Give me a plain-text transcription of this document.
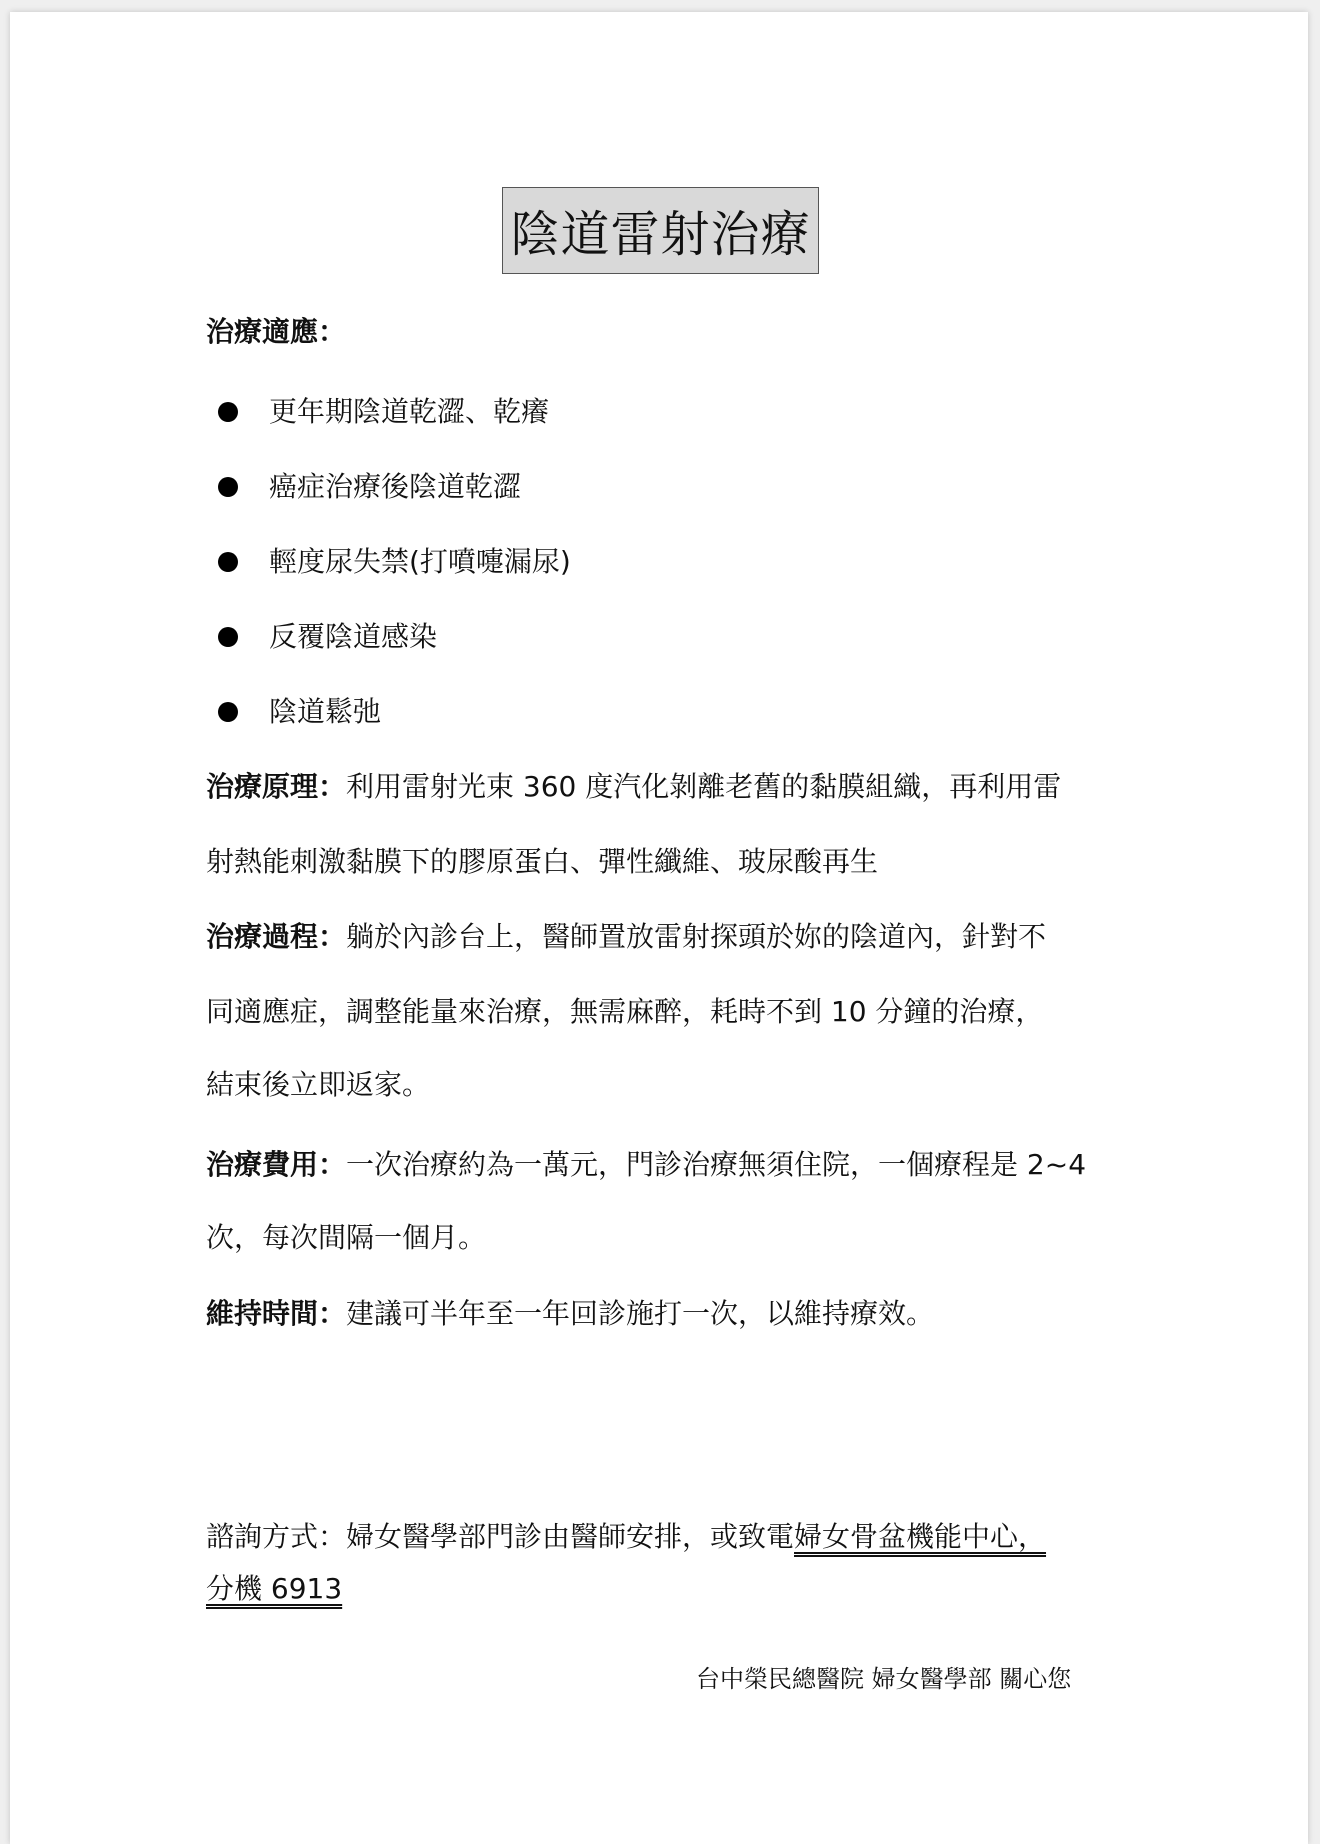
陰道雷射治療
治療適應：
更年期陰道乾澀、乾癢
癌症治療後陰道乾澀
輕度尿失禁(打噴嚏漏尿)
反覆陰道感染
陰道鬆弛
治療原理：利用雷射光束 360 度汽化剝離老舊的黏膜組織，再利用雷
射熱能刺激黏膜下的膠原蛋白、彈性纖維、玻尿酸再生
治療過程：躺於內診台上，醫師置放雷射探頭於妳的陰道內，針對不
同適應症，調整能量來治療，無需麻醉，耗時不到 10 分鐘的治療，
結束後立即返家。
治療費用：一次治療約為一萬元，門診治療無須住院，一個療程是 2~4
次，每次間隔一個月。
維持時間：建議可半年至一年回診施打一次，以維持療效。
諮詢方式：婦女醫學部門診由醫師安排，或致電婦女骨盆機能中心，
分機 6913
台中榮民總醫院 婦女醫學部 關心您
